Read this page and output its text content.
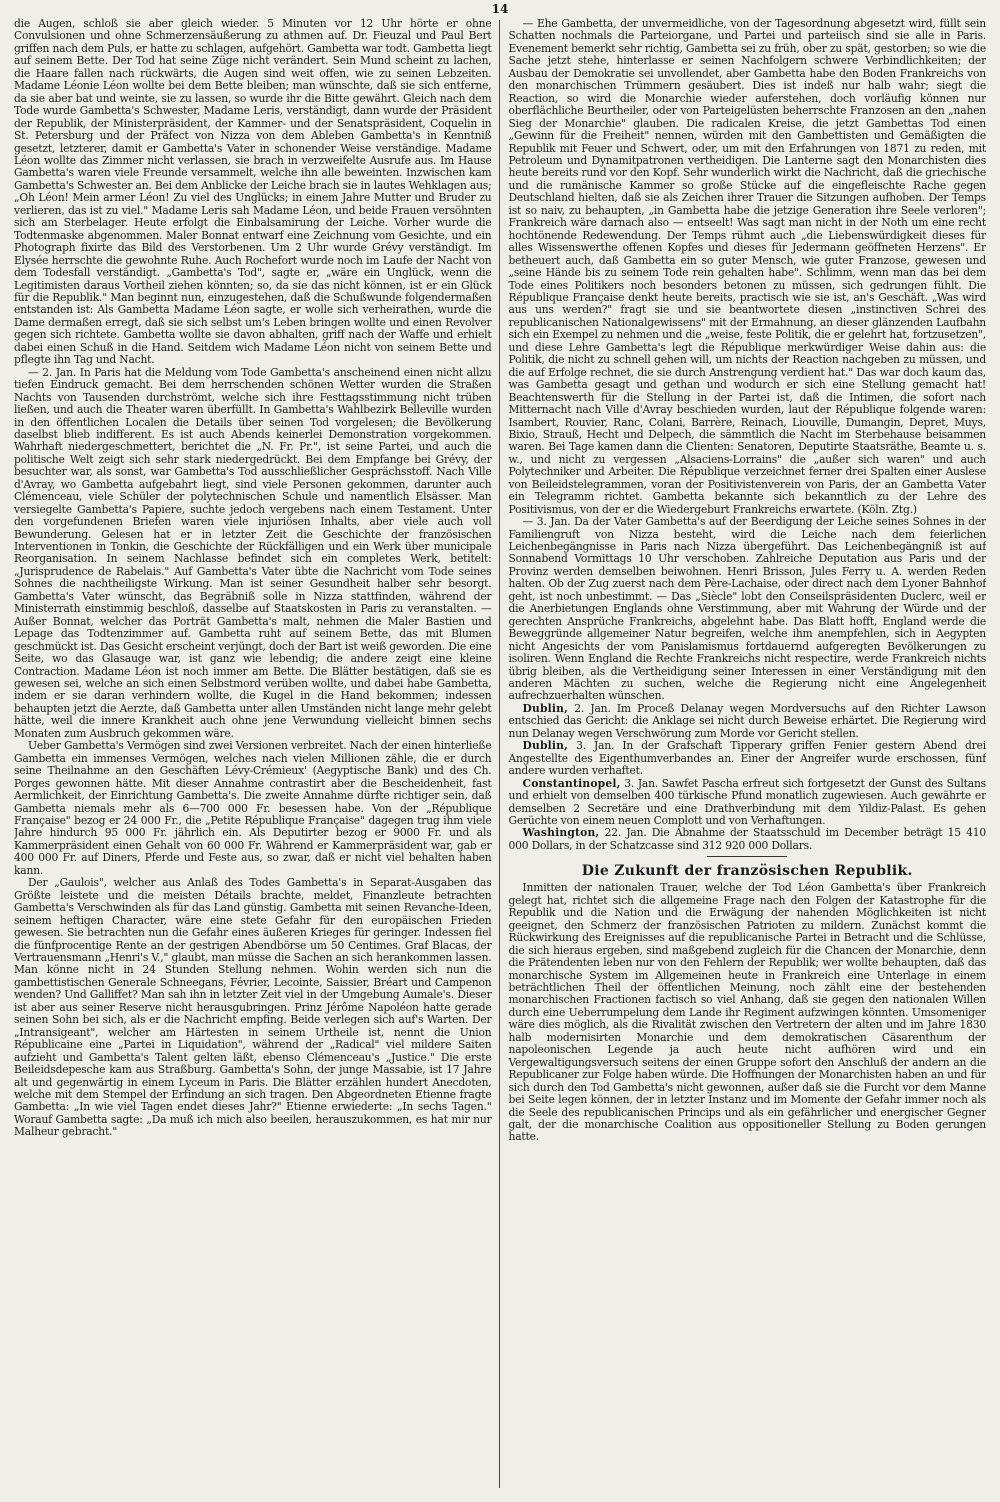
14

die Augen, schloß sie aber gleich wieder. 5 Minuten vor 12 Uhr hörte er ohne Convulsionen und ohne Schmerzensäußerung zu athmen auf. Dr. Fieuzal und Paul Bert griffen nach dem Puls, er hatte zu schlagen, aufgehört. Gambetta war todt. Gambetta liegt auf seinem Bette. Der Tod hat seine Züge nicht verändert. Sein Mund scheint zu lachen, die Haare fallen nach rückwärts, die Augen sind weit offen, wie zu seinen Lebzeiten. Madame Léonie Léon wollte bei dem Bette bleiben; man wünschte, daß sie sich entferne, da sie aber bat und weinte, sie zu lassen, so wurde ihr die Bitte gewährt. Gleich nach dem Tode wurde Gambetta's Schwester, Madame Leris, verständigt, dann wurde der Präsident der Republik, der Ministerpräsident, der Kammer- und der Senatspräsident, Coquelin in St. Petersburg und der Präfect von Nizza von dem Ableben Gambetta's in Kenntniß gesetzt, letzterer, damit er Gambetta's Vater in schonender Weise verständige. Madame Léon wollte das Zimmer nicht verlassen, sie brach in verzweifelte Ausrufe aus. Im Hause Gambetta's waren viele Freunde versammelt, welche ihn alle beweinten. Inzwischen kam Gambetta's Schwester an. Bei dem Anblicke der Leiche brach sie in lautes Wehklagen aus; „Oh Léon! Mein armer Léon! Zu viel des Unglücks; in einem Jahre Mutter und Bruder zu verlieren, das ist zu viel." Madame Leris sah Madame Léon, und beide Frauen versöhnten sich am Sterbelager. Heute erfolgt die Einbalsamirung der Leiche. Vorher wurde die Todtenmaske abgenommen. Maler Bonnat entwarf eine Zeichnung vom Gesichte, und ein Photograph fixirte das Bild des Verstorbenen. Um 2 Uhr wurde Grévy verständigt. Im Elysée herrschte die gewohnte Ruhe. Auch Rochefort wurde noch im Laufe der Nacht von dem Todesfall verständigt. „Gambetta's Tod", sagte er, „wäre ein Unglück, wenn die Legitimisten daraus Vortheil ziehen könnten; so, da sie das nicht können, ist er ein Glück für die Republik." Man beginnt nun, einzugestehen, daß die Schußwunde folgendermaßen entstanden ist: Als Gambetta Madame Léon sagte, er wolle sich verheirathen, wurde die Dame dermaßen erregt, daß sie sich selbst um's Leben bringen wollte und einen Revolver gegen sich richtete. Gambetta wollte sie davon abhalten, griff nach der Waffe und erhielt dabei einen Schuß in die Hand. Seitdem wich Madame Léon nicht von seinem Bette und pflegte ihn Tag und Nacht.

— 2. Jan. In Paris hat die Meldung vom Tode Gambetta's anscheinend einen nicht allzu tiefen Eindruck gemacht. Bei dem herrschenden schönen Wetter wurden die Straßen Nachts von Tausenden durchströmt, welche sich ihre Festtagsstimmung nicht trüben ließen, und auch die Theater waren überfüllt. In Gambetta's Wahlbezirk Belleville wurden in den öffentlichen Localen die Details über seinen Tod vorgelesen; die Bevölkerung daselbst blieb indifferent. Es ist auch Abends keinerlei Demonstration vorgekommen. Wahrhaft niedergeschmettert, berichtet die „N. Fr. Pr.", ist seine Partei, und auch die politische Welt zeigt sich sehr stark niedergedrückt. Bei dem Empfange bei Grévy, der besuchter war, als sonst, war Gambetta's Tod ausschließlicher Gesprächsstoff. Nach Ville d'Avray, wo Gambetta aufgebahrt liegt, sind viele Personen gekommen, darunter auch Clémenceau, viele Schüler der polytechnischen Schule und namentlich Elsässer. Man versiegelte Gambetta's Papiere, suchte jedoch vergebens nach einem Testament. Unter den vorgefundenen Briefen waren viele injuriösen Inhalts, aber viele auch voll Bewunderung. Gelesen hat er in letzter Zeit die Geschichte der französischen Interventionen in Tonkin, die Geschichte der Rückfälligen und ein Werk über municipale Reorganisation. In seinem Nachlasse befindet sich ein completes Werk, betitelt: „Jurisprudence de Rabelais." Auf Gambetta's Vater übte die Nachricht vom Tode seines Sohnes die nachtheiligste Wirkung. Man ist seiner Gesundheit halber sehr besorgt. Gambetta's Vater wünscht, das Begräbniß solle in Nizza stattfinden, während der Ministerrath einstimmig beschloß, dasselbe auf Staatskosten in Paris zu veranstalten. — Außer Bonnat, welcher das Porträt Gambetta's malt, nehmen die Maler Bastien und Lepage das Todtenzimmer auf. Gambetta ruht auf seinem Bette, das mit Blumen geschmückt ist. Das Gesicht erscheint verjüngt, doch der Bart ist weiß geworden. Die eine Seite, wo das Glasauge war, ist ganz wie lebendig; die andere zeigt eine kleine Contraction. Madame Léon ist noch immer am Bette. Die Blätter bestätigen, daß sie es gewesen sei, welche an sich einen Selbstmord verüben wollte, und dabei habe Gambetta, indem er sie daran verhindern wollte, die Kugel in die Hand bekommen; indessen behaupten jetzt die Aerzte, daß Gambetta unter allen Umständen nicht lange mehr gelebt hätte, weil die innere Krankheit auch ohne jene Verwundung vielleicht binnen sechs Monaten zum Ausbruch gekommen wäre.

Ueber Gambetta's Vermögen sind zwei Versionen verbreitet. Nach der einen hinterließe Gambetta ein immenses Vermögen, welches nach vielen Millionen zähle, die er durch seine Theilnahme an den Geschäften Lévy-Crémieux' (Aegyptische Bank) und des Ch. Porges gewonnen hätte. Mit dieser Annahme contrastirt aber die Bescheidenheit, fast Aermlichkeit, der Einrichtung Gambetta's. Die zweite Annahme dürfte richtiger sein, daß Gambetta niemals mehr als 6—700 000 Fr. besessen habe. Von der „République Française" bezog er 24 000 Fr., die „Petite République Française" dagegen trug ihm viele Jahre hindurch 95 000 Fr. jährlich ein. Als Deputirter bezog er 9000 Fr. und als Kammerpräsident einen Gehalt von 60 000 Fr. Während er Kammerpräsident war, gab er 400 000 Fr. auf Diners, Pferde und Feste aus, so zwar, daß er nicht viel behalten haben kann.

Der „Gaulois", welcher aus Anlaß des Todes Gambetta's in Separat-Ausgaben das Größte leistete und die meisten Détails brachte, meldet, Finanzleute betrachten Gambetta's Verschwinden als für das Land günstig. Gambetta mit seinen Revanche-Ideen, seinem heftigen Character, wäre eine stete Gefahr für den europäischen Frieden gewesen. Sie betrachten nun die Gefahr eines äußeren Krieges für geringer. Indessen fiel die fünfprocentige Rente an der gestrigen Abendbörse um 50 Centimes. Graf Blacas, der Vertrauensmann „Henri's V.," glaubt, man müsse die Sachen an sich herankommen lassen. Man könne nicht in 24 Stunden Stellung nehmen. Wohin werden sich nun die gambettistischen Generale Schneegans, Février, Lecointe, Saissier, Bréart und Campenon wenden? Und Galliffet? Man sah ihn in letzter Zeit viel in der Umgebung Aumale's. Dieser ist aber aus seiner Reserve nicht herausgubringen. Prinz Jérôme Napoléon hatte gerade seinen Sohn bei sich, als er die Nachricht empfing. Beide verlegen sich auf's Warten. Der „Intransigeant", welcher am Härtesten in seinem Urtheile ist, nennt die Union Républicaine eine „Partei in Liquidation", während der „Radical" viel mildere Saiten aufzieht und Gambetta's Talent gelten läßt, ebenso Clémenceau's „Justice." Die erste Beileidsdepesche kam aus Straßburg. Gambetta's Sohn, der junge Massabie, ist 17 Jahre alt und gegenwärtig in einem Lyceum in Paris. Die Blätter erzählen hundert Anecdoten, welche mit dem Stempel der Erfindung an sich tragen. Den Abgeordneten Etienne fragte Gambetta: „In wie viel Tagen endet dieses Jahr?" Etienne erwiederte: „In sechs Tagen." Worauf Gambetta sagte: „Da muß ich mich also beeilen, herauszukommen, es hat mir nur Malheur gebracht."

— Ehe Gambetta, der unvermeidliche, von der Tagesordnung abgesetzt wird, füllt sein Schatten nochmals die Parteiorgane, und Partei und parteiisch sind sie alle in Paris. Evenement bemerkt sehr richtig, Gambetta sei zu früh, ober zu spät, gestorben; so wie die Sache jetzt stehe, hinterlasse er seinen Nachfolgern schwere Verbindlichkeiten; der Ausbau der Demokratie sei unvollendet, aber Gambetta habe den Boden Frankreichs von den monarchischen Trümmern gesäubert. Dies ist indeß nur halb wahr; siegt die Reaction, so wird die Monarchie wieder auferstehen, doch vorläufig können nur oberflächliche Beurtheiler, oder von Parteigelüsten beherrschte Franzosen an den „nahen Sieg der Monarchie" glauben. Die radicalen Kreise, die jetzt Gambettas Tod einen „Gewinn für die Freiheit" nennen, würden mit den Gambettisten und Gemäßigten die Republik mit Feuer und Schwert, oder, um mit den Erfahrungen von 1871 zu reden, mit Petroleum und Dynamitpatronen vertheidigen. Die Lanterne sagt den Monarchisten dies heute bereits rund vor den Kopf. Sehr wunderlich wirkt die Nachricht, daß die griechische und die rumänische Kammer so große Stücke auf die eingefleischte Rache gegen Deutschland hielten, daß sie als Zeichen ihrer Trauer die Sitzungen aufhoben. Der Temps ist so naiv, zu behaupten, „in Gambetta habe die jetzige Generation ihre Seele verloren"; Frankreich wäre darnach also — entseelt! Was sagt man nicht in der Noth um eine recht hochtönende Redewendung. Der Temps rühmt auch „die Liebenswürdigkeit dieses für alles Wissenswerthe offenen Kopfes und dieses für Jedermann geöffneten Herzens". Er betheuert auch, daß Gambetta ein so guter Mensch, wie guter Franzose, gewesen und „seine Hände bis zu seinem Tode rein gehalten habe". Schlimm, wenn man das bei dem Tode eines Politikers noch besonders betonen zu müssen, sich gedrungen fühlt. Die République Française denkt heute bereits, practisch wie sie ist, an's Geschäft. „Was wird aus uns werden?" fragt sie und sie beantwortete diesen „instinctiven Schrei des republicanischen Nationalgewissens" mit der Ermahnung, an dieser glänzenden Laufbahn sich ein Exempel zu nehmen und die „weise, feste Politik, die er gelehrt hat, fortzusetzen", und diese Lehre Gambetta's legt die République merkwürdiger Weise dahin aus: die Politik, die nicht zu schnell gehen will, um nichts der Reaction nachgeben zu müssen, und die auf Erfolge rechnet, die sie durch Anstrengung verdient hat." Das war doch kaum das, was Gambetta gesagt und gethan und wodurch er sich eine Stellung gemacht hat! Beachtenswerth für die Stellung in der Partei ist, daß die Intimen, die sofort nach Mitternacht nach Ville d'Avray beschieden wurden, laut der République folgende waren: Isambert, Rouvier, Ranc, Colani, Barrère, Reinach, Liouville, Dumangin, Depret, Muys, Bixio, Strauß, Hecht und Delpech, die sämmtlich die Nacht im Sterbehause beisammen waren. Bei Tage kamen dann die Clienten: Senatoren, Deputirte Staatsräthe, Beamte u. s. w., und nicht zu vergessen „Alsaciens-Lorrains" die „außer sich waren" und auch Polytechniker und Arbeiter. Die République verzeichnet ferner drei Spalten einer Auslese von Beileidstelegrammen, voran der Positivistenverein von Paris, der an Gambetta Vater ein Telegramm richtet. Gambetta bekannte sich bekanntlich zu der Lehre des Positivismus, von der er die Wiedergeburt Frankreichs erwartete. (Köln. Ztg.)

— 3. Jan. Da der Vater Gambetta's auf der Beerdigung der Leiche seines Sohnes in der Familiengruft von Nizza besteht, wird die Leiche nach dem feierlichen Leichenbegängnisse in Paris nach Nizza übergeführt. Das Leichenbegängniß ist auf Sonnabend Vormittags 10 Uhr verschoben. Zahlreiche Deputation aus Paris und der Provinz werden demselben beiwohnen. Henri Brisson, Jules Ferry u. A. werden Reden halten. Ob der Zug zuerst nach dem Père-Lachaise, oder direct nach dem Lyoner Bahnhof geht, ist noch unbestimmt. — Das „Siècle" lobt den Conseilspräsidenten Duclerc, weil er die Anerbietungen Englands ohne Verstimmung, aber mit Wahrung der Würde und der gerechten Ansprüche Frankreichs, abgelehnt habe. Das Blatt hofft, England werde die Beweggründe allgemeiner Natur begreifen, welche ihm anempfehlen, sich in Aegypten nicht Angesichts der vom Panislamismus fortdauernd aufgeregten Bevölkerungen zu isoliren. Wenn England die Rechte Frankreichs nicht respectire, werde Frankreich nichts übrig bleiben, als die Vertheidigung seiner Interessen in einer Verständigung mit den anderen Mächten zu suchen, welche die Regierung nicht eine Angelegenheit aufrechzuerhalten wünschen.

Dublin, 2. Jan. Im Proceß Delanay wegen Mordversuchs auf den Richter Lawson entschied das Gericht: die Anklage sei nicht durch Beweise erhärtet. Die Regierung wird nun Delanay wegen Verschwörung zum Morde vor Gericht stellen.

Dublin, 3. Jan. In der Grafschaft Tipperary griffen Fenier gestern Abend drei Angestellte des Eigenthumverbandes an. Einer der Angreifer wurde erschossen, fünf andere wurden verhaftet.

Constantinopel, 3. Jan. Sawfet Pascha erfreut sich fortgesetzt der Gunst des Sultans und erhielt von demselben 400 türkische Pfund monatlich zugewiesen. Auch gewährte er demselben 2 Secretäre und eine Drathverbindung mit dem Yildiz-Palast. Es gehen Gerüchte von einem neuen Complott und von Verhaftungen.

Washington, 22. Jan. Die Abnahme der Staatsschuld im December beträgt 15 410 000 Dollars, in der Schatzcasse sind 312 920 000 Dollars.

Die Zukunft der französischen Republik.

Inmitten der nationalen Trauer, welche der Tod Léon Gambetta's über Frankreich gelegt hat, richtet sich die allgemeine Frage nach den Folgen der Katastrophe für die Republik und die Nation und die Erwägung der nahenden Möglichkeiten ist nicht geeignet, den Schmerz der französischen Patrioten zu mildern. Zunächst kommt die Rückwirkung des Ereignisses auf die republicanische Partei in Betracht und die Schlüsse, die sich hieraus ergeben, sind maßgebend zugleich für die Chancen der Monarchie, denn die Prätendenten leben nur von den Fehlern der Republik; wer wollte behaupten, daß das monarchische System im Allgemeinen heute in Frankreich eine Unterlage in einem beträchtlichen Theil der öffentlichen Meinung, noch zählt eine der bestehenden monarchischen Fractionen factisch so viel Anhang, daß sie gegen den nationalen Willen durch eine Ueberrumpelung dem Lande ihr Regiment aufzwingen könnten. Umsomeniger wäre dies möglich, als die Rivalität zwischen den Vertretern der alten und im Jahre 1830 halb modernisirten Monarchie und dem demokratischen Cäsarenthum der napoleonischen Legende ja auch heute nicht aufhören wird und ein Vergewaltigungsversuch seitens der einen Gruppe sofort den Anschluß der andern an die Republicaner zur Folge haben würde. Die Hoffnungen der Monarchisten haben an und für sich durch den Tod Gambetta's nicht gewonnen, außer daß sie die Furcht vor dem Manne bei Seite legen können, der in letzter Instanz und im Momente der Gefahr immer noch als die Seele des republicanischen Princips und als ein gefährlicher und energischer Gegner galt, der die monarchische Coalition aus oppositioneller Stellung zu Boden gerungen hatte.
